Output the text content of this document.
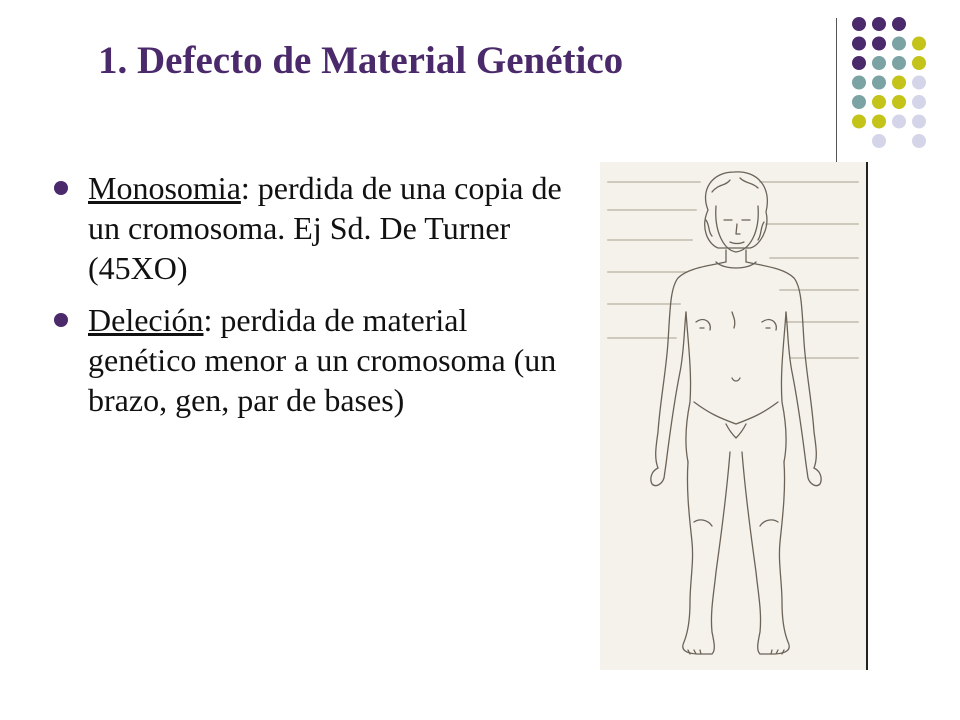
1. Defecto de Material Genético
Monosomia: perdida de una copia de un cromosoma. Ej Sd. De Turner (45XO)
Deleción: perdida de material genético menor a un cromosoma (un brazo, gen, par de bases)
